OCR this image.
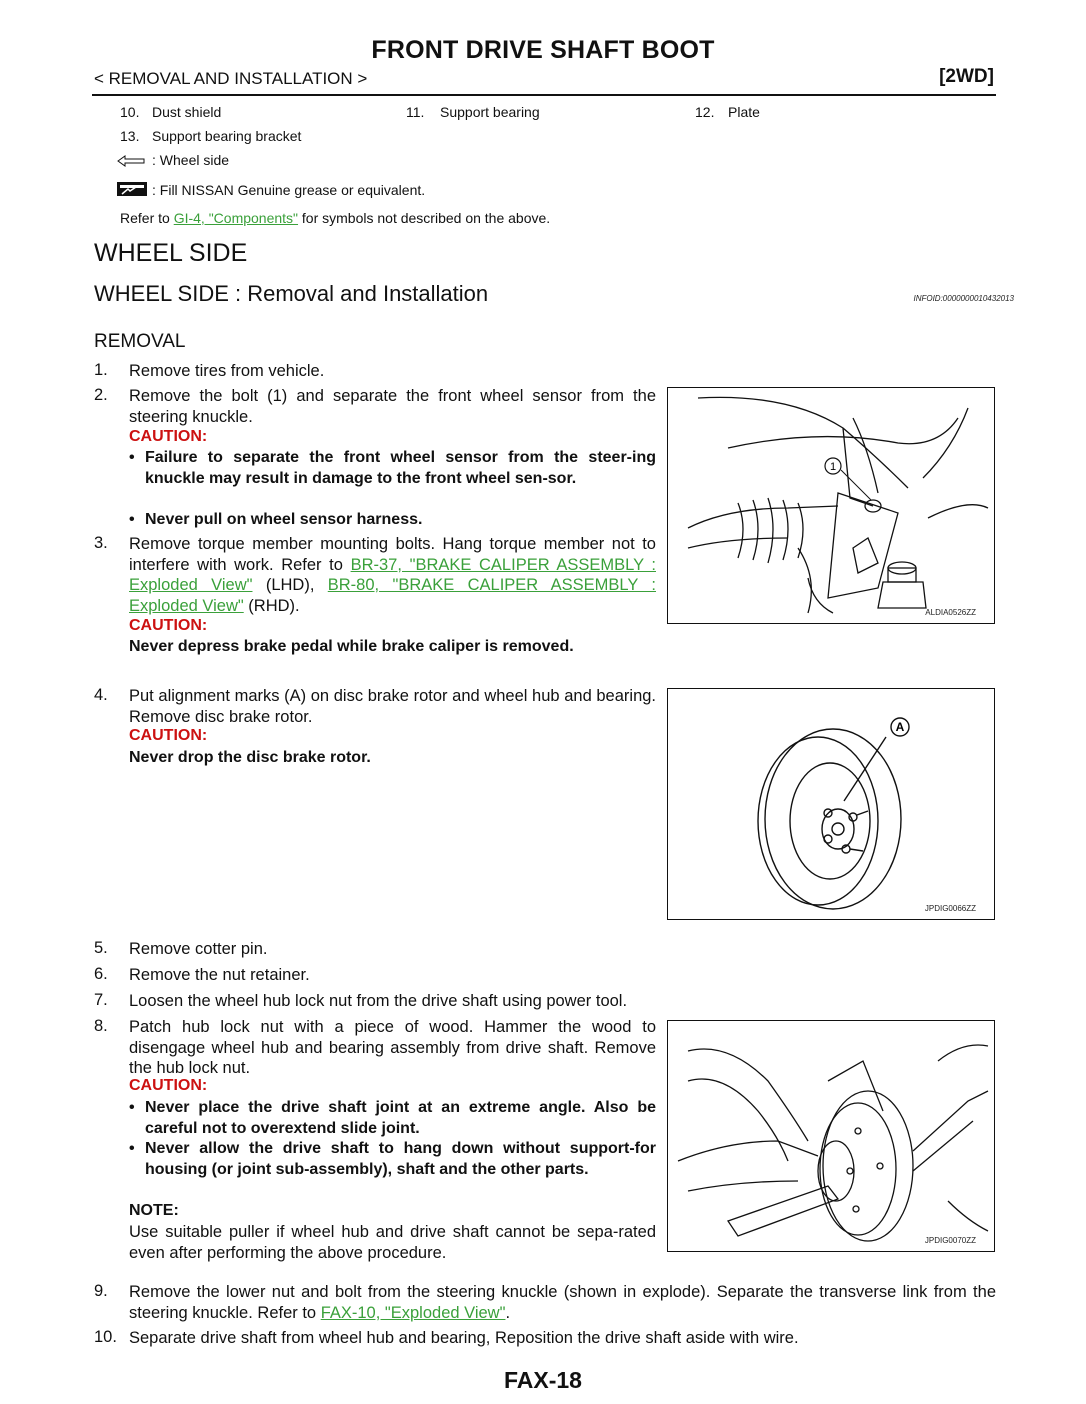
FRONT DRIVE SHAFT BOOT
< REMOVAL AND INSTALLATION >	[2WD]
10. Dust shield	11. Support bearing	12. Plate
13. Support bearing bracket
: Wheel side
: Fill NISSAN Genuine grease or equivalent.
Refer to GI-4, "Components" for symbols not described on the above.
WHEEL SIDE
WHEEL SIDE : Removal and Installation	INFOID:0000000010432013
REMOVAL
1. Remove tires from vehicle.
2. Remove the bolt (1) and separate the front wheel sensor from the steering knuckle.
CAUTION:
• Failure to separate the front wheel sensor from the steer-ing knuckle may result in damage to the front wheel sen-sor.
• Never pull on wheel sensor harness.
3. Remove torque member mounting bolts. Hang torque member not to interfere with work. Refer to BR-37, "BRAKE CALIPER ASSEMBLY : Exploded View" (LHD), BR-80, "BRAKE CALIPER ASSEMBLY : Exploded View" (RHD).
CAUTION:
Never depress brake pedal while brake caliper is removed.
1
ALDIA0526ZZ
4. Put alignment marks (A) on disc brake rotor and wheel hub and bearing. Remove disc brake rotor.
CAUTION:
Never drop the disc brake rotor.
A
JPDIG0066ZZ
5. Remove cotter pin.
6. Remove the nut retainer.
7. Loosen the wheel hub lock nut from the drive shaft using power tool.
8. Patch hub lock nut with a piece of wood. Hammer the wood to disengage wheel hub and bearing assembly from drive shaft. Remove the hub lock nut.
CAUTION:
• Never place the drive shaft joint at an extreme angle. Also be careful not to overextend slide joint.
• Never allow the drive shaft to hang down without support-for housing (or joint sub-assembly), shaft and the other parts.
NOTE:
Use suitable puller if wheel hub and drive shaft cannot be sepa-rated even after performing the above procedure.
JPDIG0070ZZ
9. Remove the lower nut and bolt from the steering knuckle (shown in explode). Separate the transverse link from the steering knuckle. Refer to FAX-10, "Exploded View".
10. Separate drive shaft from wheel hub and bearing, Reposition the drive shaft aside with wire.
FAX-18
